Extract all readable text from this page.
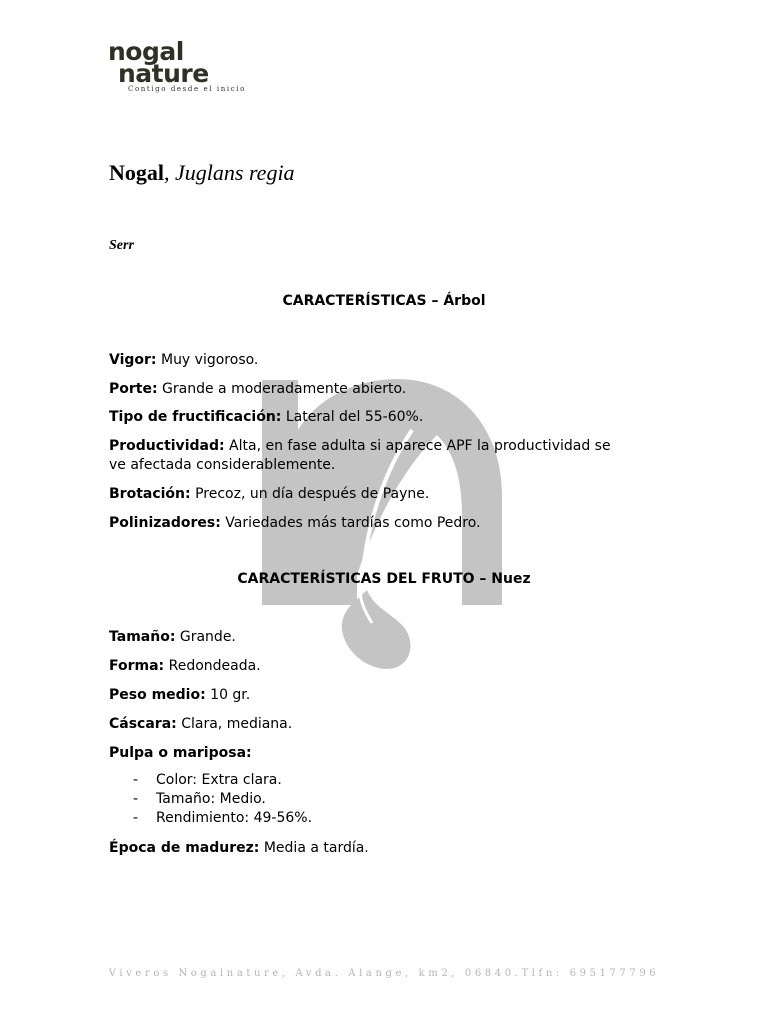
nogal
nature
Contigo desde el inicio
Nogal, Juglans regia
Serr
CARACTERÍSTICAS – Árbol
Vigor: Muy vigoroso.
Porte: Grande a moderadamente abierto.
Tipo de fructificación: Lateral del 55-60%.
Productividad: Alta, en fase adulta si aparece APF la productividad se ve afectada considerablemente.
Brotación: Precoz, un día después de Payne.
Polinizadores: Variedades más tardías como Pedro.
CARACTERÍSTICAS DEL FRUTO – Nuez
Tamaño: Grande.
Forma: Redondeada.
Peso medio: 10 gr.
Cáscara: Clara, mediana.
Pulpa o mariposa:
-	Color: Extra clara.
-	Tamaño: Medio.
-	Rendimiento: 49-56%.
Época de madurez: Media a tardía.
Viveros Nogalnature, Avda. Alange, km2, 06840.Tlfn: 695177796
